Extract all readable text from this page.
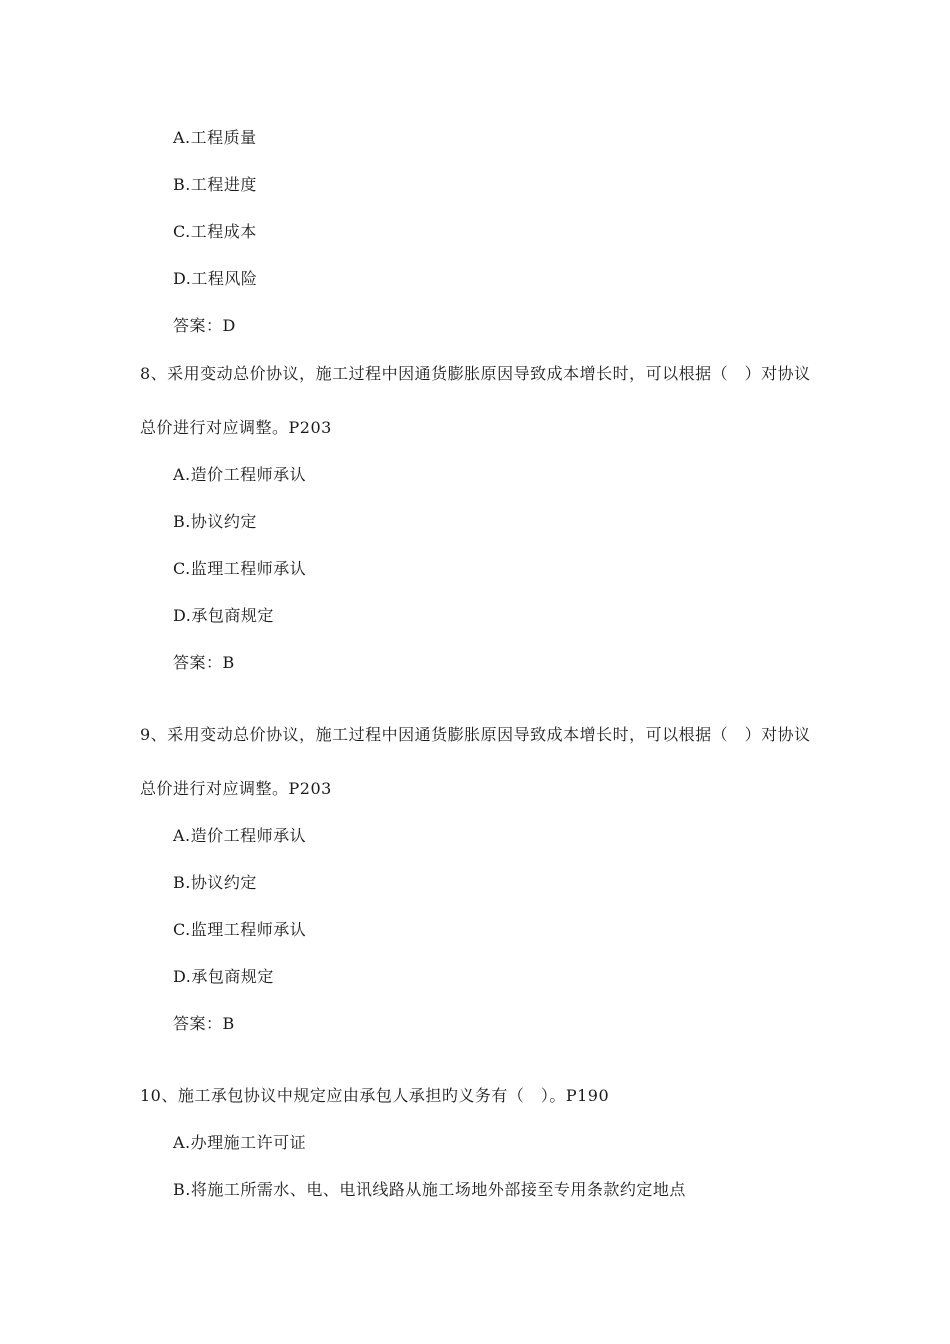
A.工程质量
B.工程进度
C.工程成本
D.工程风险
答案：D
8、采用变动总价协议，施工过程中因通货膨胀原因导致成本增长时，可以根据（　）对协议
总价进行对应调整。P203
A.造价工程师承认
B.协议约定
C.监理工程师承认
D.承包商规定
答案：B
9、采用变动总价协议，施工过程中因通货膨胀原因导致成本增长时，可以根据（　）对协议
总价进行对应调整。P203
A.造价工程师承认
B.协议约定
C.监理工程师承认
D.承包商规定
答案：B
10、施工承包协议中规定应由承包人承担旳义务有（　）。P190
A.办理施工许可证
B.将施工所需水、电、电讯线路从施工场地外部接至专用条款约定地点
